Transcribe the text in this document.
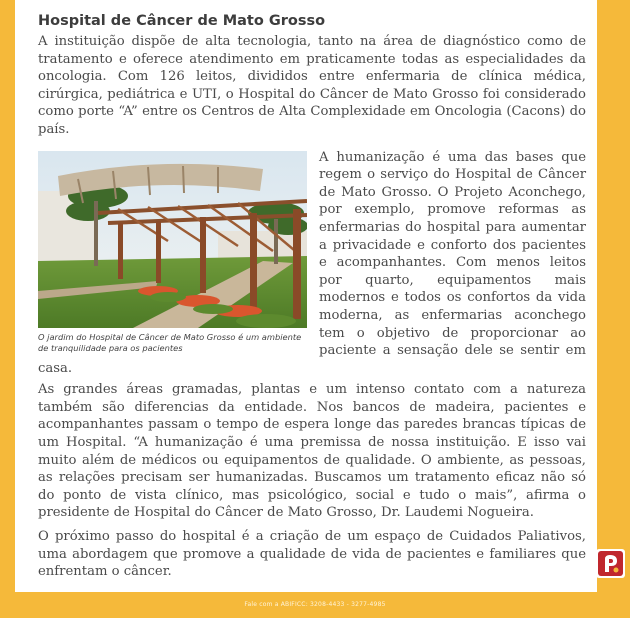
Hospital de Câncer de Mato Grosso

A instituição dispõe de alta tecnologia, tanto na área de diagnóstico como de tratamento e oferece atendimento em praticamente todas as especialidades da oncologia. Com 126 leitos, divididos entre enfermaria de clínica médica, cirúrgica, pediátrica e UTI, o Hospital do Câncer de Mato Grosso foi considerado como porte “A” entre os Centros de Alta Complexidade em Oncologia (Cacons) do país.

O jardim do Hospital de Câncer de Mato Grosso é um ambiente de tranquilidade para os pacientes

A humanização é uma das bases que regem o serviço do Hospital de Câncer de Mato Grosso. O Projeto Aconchego, por exemplo, promove reformas as enfermarias do hospital para aumentar a privacidade e conforto dos pacientes e acompanhantes. Com menos leitos por quarto, equipamentos mais modernos e todos os confortos da vida moderna, as enfermarias aconchego tem o objetivo de proporcionar ao paciente a sensação dele se sentir em casa.

As grandes áreas gramadas, plantas e um intenso contato com a natureza também são diferencias da entidade. Nos bancos de madeira, pacientes e acompanhantes passam o tempo de espera longe das paredes brancas típicas de um Hospital. “A humanização é uma premissa de nossa instituição. E isso vai muito além de médicos ou equipamentos de qualidade. O ambiente, as pessoas, as relações precisam ser humanizadas. Buscamos um tratamento eficaz não só do ponto de vista clínico, mas psicológico, social e tudo o mais”, afirma o presidente de Hospital do Câncer de Mato Grosso, Dr. Laudemi Nogueira.

O próximo passo do hospital é a criação de um espaço de Cuidados Paliativos, uma abordagem que promove a qualidade de vida de pacientes e familiares que enfrentam o câncer.

Fale com a ABIFICC: 3208-4433 - 3277-4985
